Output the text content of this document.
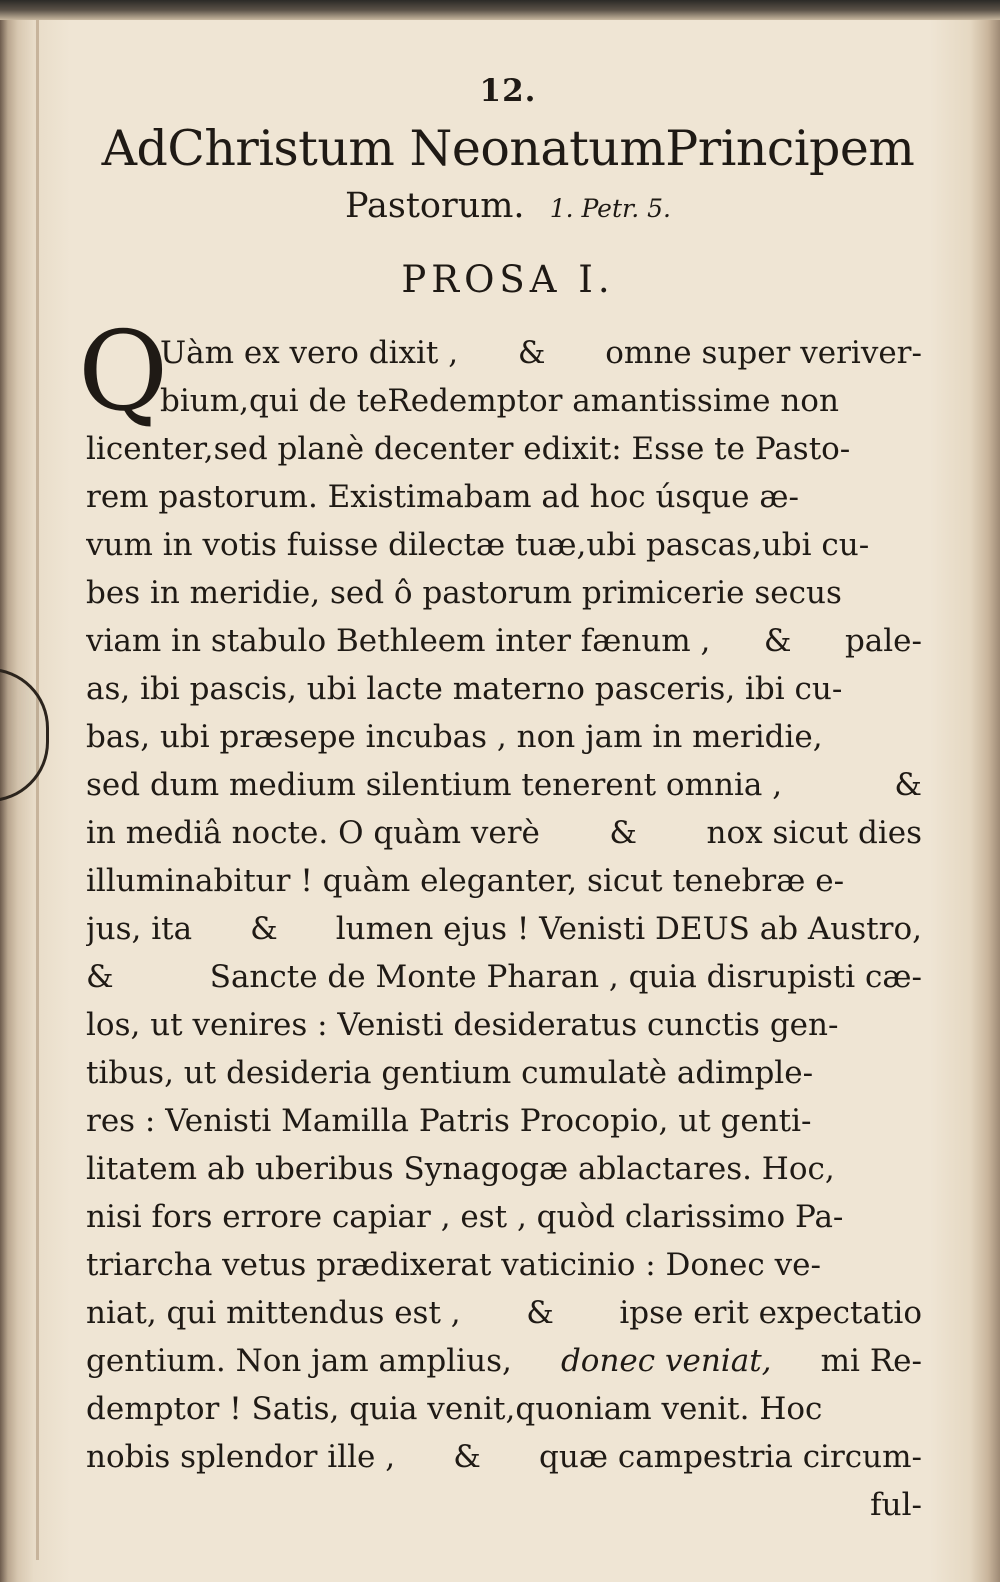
12.
AdChristum NeonatumPrincipem
Pastorum. 1. Petr. 5.
PROSA I.
Q
Uàm ex vero dixit , & omne super veriver-
bium,qui de teRedemptor amantissime non
licenter,sed planè decenter edixit: Esse te Pasto-
rem pastorum. Existimabam ad hoc úsque æ-
vum in votis fuisse dilectæ tuæ,ubi pascas,ubi cu-
bes in meridie, sed ô pastorum primicerie secus
viam in stabulo Bethleem inter fænum , & pale-
as, ibi pascis, ubi lacte materno pasceris, ibi cu-
bas, ubi præsepe incubas , non jam in meridie,
sed dum medium silentium tenerent omnia ,	&
in mediâ nocte. O quàm verè & nox sicut dies
illuminabitur ! quàm eleganter, sicut tenebræ e-
jus, ita & lumen ejus ! Venisti DEUS ab Austro,
&	Sancte de Monte Pharan , quia disrupisti cæ-
los, ut venires : Venisti desideratus cunctis gen-
tibus, ut desideria gentium cumulatè adimple-
res : Venisti Mamilla Patris Procopio, ut genti-
litatem ab uberibus Synagogæ ablactares. Hoc,
nisi fors errore capiar , est , quòd clarissimo Pa-
triarcha vetus prædixerat vaticinio : Donec ve-
niat, qui mittendus est , & ipse erit expectatio
gentium. Non jam amplius, donec veniat, mi Re-
demptor ! Satis, quia venit,quoniam venit. Hoc
nobis splendor ille , & quæ campestria circum-
ful-
